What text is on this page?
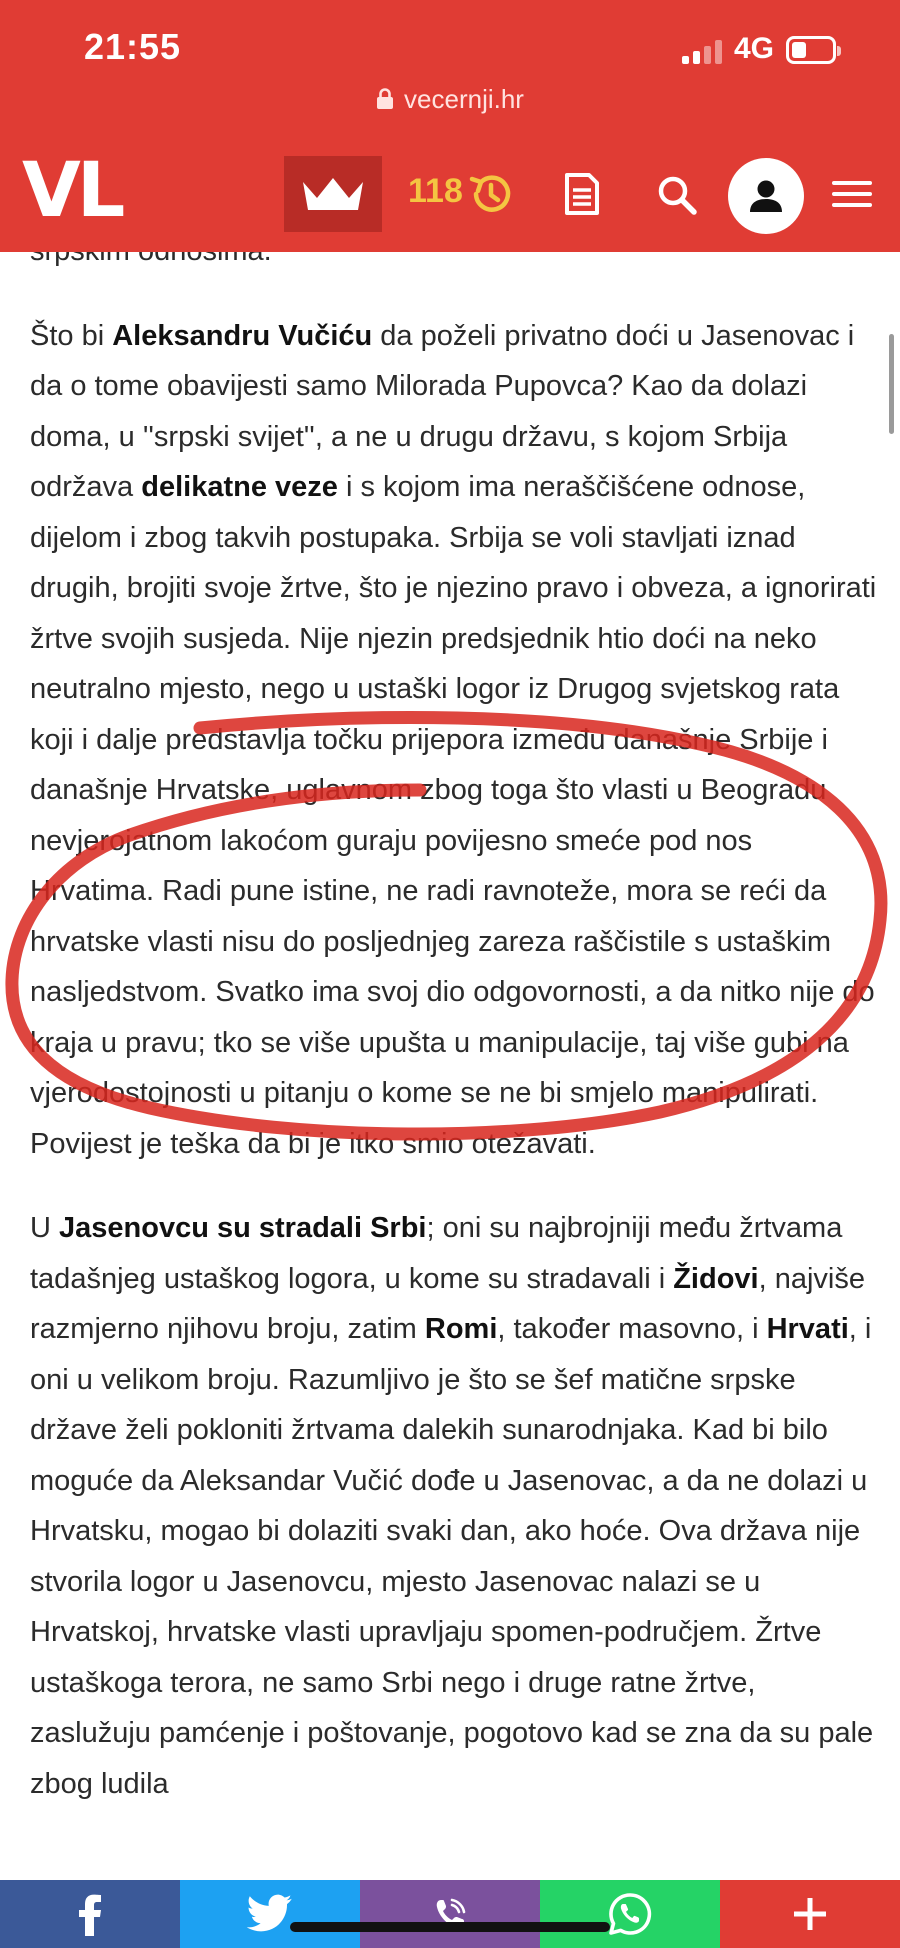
21:55	4G
vecernji.hr
VL	118

Što bi Aleksandru Vučiću da poželi privatno doći u Jasenovac i da o tome obavijesti samo Milorada Pupovca? Kao da dolazi doma, u ''srpski svijet'', a ne u drugu državu, s kojom Srbija održava delikatne veze i s kojom ima neraščišćene odnose, dijelom i zbog takvih postupaka. Srbija se voli stavljati iznad drugih, brojiti svoje žrtve, što je njezino pravo i obveza, a ignorirati žrtve svojih susjeda. Nije njezin predsjednik htio doći na neko neutralno mjesto, nego u ustaški logor iz Drugog svjetskog rata koji i dalje predstavlja točku prijepora između današnje Srbije i današnje Hrvatske, uglavnom zbog toga što vlasti u Beogradu nevjerojatnom lakoćom guraju povijesno smeće pod nos Hrvatima. Radi pune istine, ne radi ravnoteže, mora se reći da hrvatske vlasti nisu do posljednjeg zareza raščistile s ustaškim nasljedstvom. Svatko ima svoj dio odgovornosti, a da nitko nije do kraja u pravu; tko se više upušta u manipulacije, taj više gubi na vjerodostojnosti u pitanju o kome se ne bi smjelo manipulirati. Povijest je teška da bi je itko smio otežavati.

U Jasenovcu su stradali Srbi; oni su najbrojniji među žrtvama tadašnjeg ustaškog logora, u kome su stradavali i Židovi, najviše razmjerno njihovu broju, zatim Romi, također masovno, i Hrvati, i oni u velikom broju. Razumljivo je što se šef matične srpske države želi pokloniti žrtvama dalekih sunarodnjaka. Kad bi bilo moguće da Aleksandar Vučić dođe u Jasenovac, a da ne dolazi u Hrvatsku, mogao bi dolaziti svaki dan, ako hoće. Ova država nije stvorila logor u Jasenovcu, mjesto Jasenovac nalazi se u Hrvatskoj, hrvatske vlasti upravljaju spomen-područjem. Žrtve ustaškoga terora, ne samo Srbi nego i druge ratne žrtve, zaslužuju pamćenje i poštovanje, pogotovo kad se zna da su pale zbog ludila
